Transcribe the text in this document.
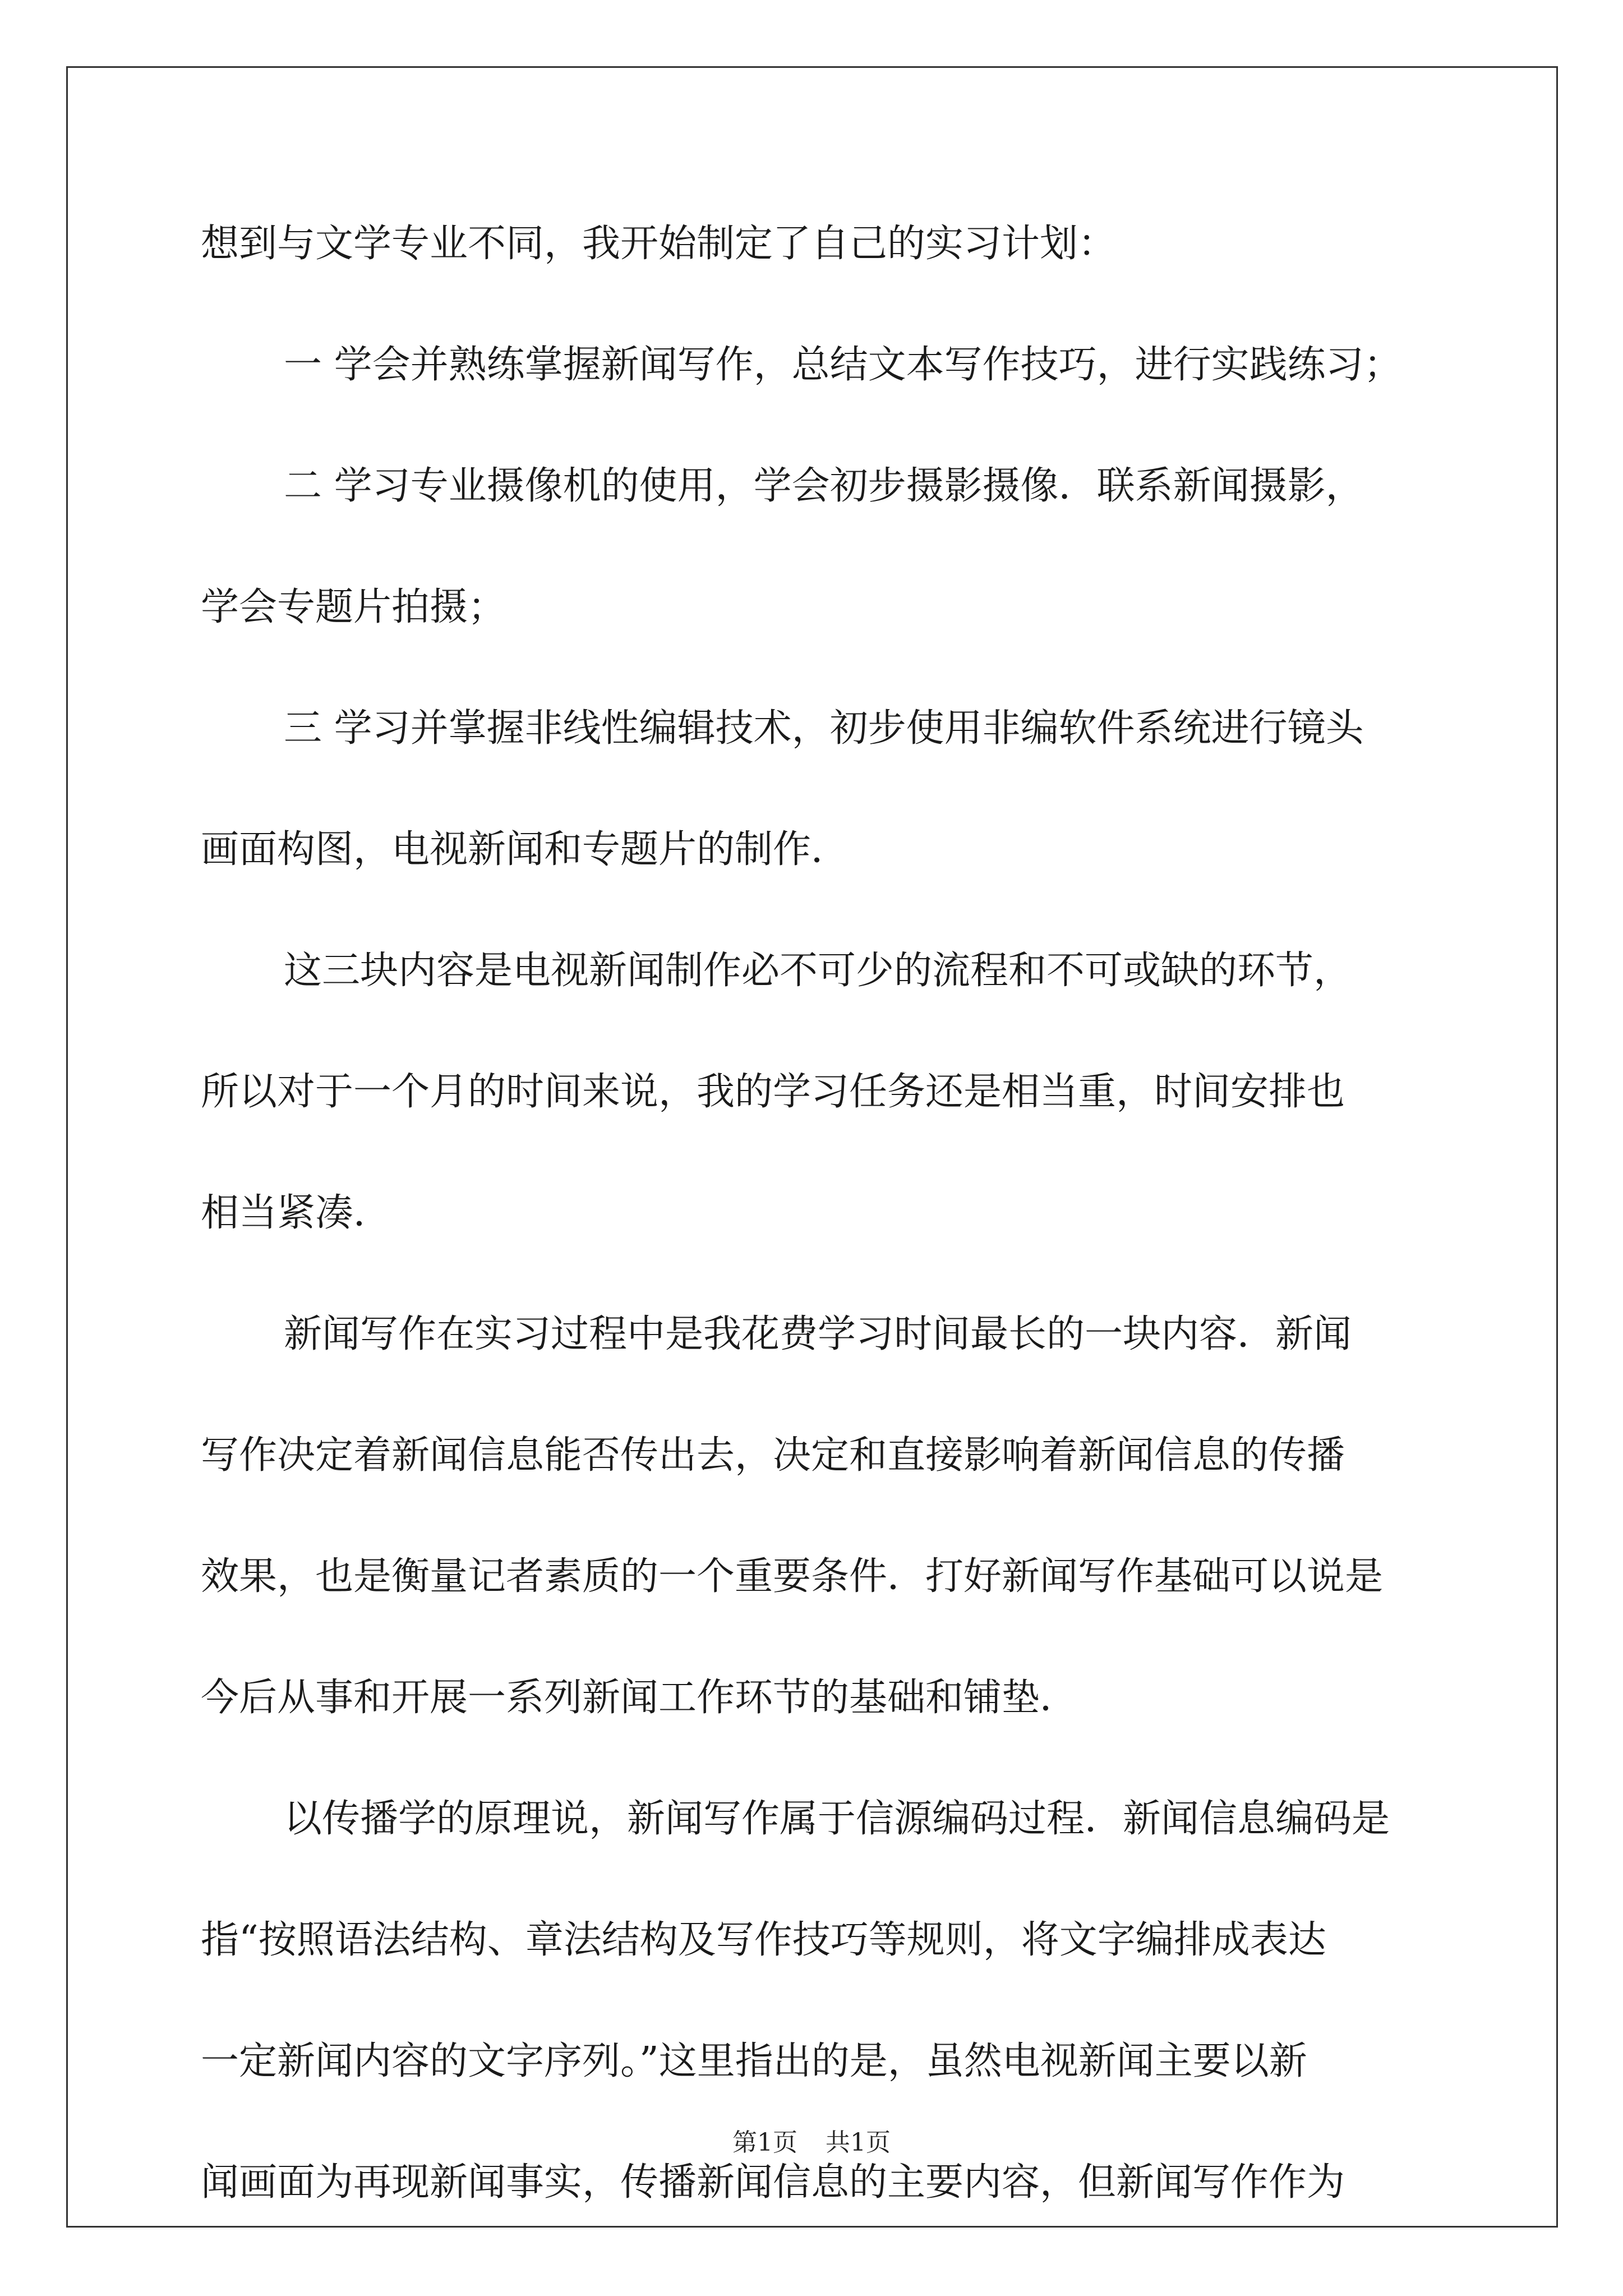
想到与文学专业不同，我开始制定了自己的实习计划：
一 学会并熟练掌握新闻写作，总结文本写作技巧，进行实践练习；
二 学习专业摄像机的使用，学会初步摄影摄像．联系新闻摄影，
学会专题片拍摄；
三 学习并掌握非线性编辑技术，初步使用非编软件系统进行镜头
画面构图，电视新闻和专题片的制作．
这三块内容是电视新闻制作必不可少的流程和不可或缺的环节，
所以对于一个月的时间来说，我的学习任务还是相当重，时间安排也
相当紧凑．
新闻写作在实习过程中是我花费学习时间最长的一块内容．新闻
写作决定着新闻信息能否传出去，决定和直接影响着新闻信息的传播
效果，也是衡量记者素质的一个重要条件．打好新闻写作基础可以说是
今后从事和开展一系列新闻工作环节的基础和铺垫．
以传播学的原理说，新闻写作属于信源编码过程．新闻信息编码是
指“按照语法结构、章法结构及写作技巧等规则，将文字编排成表达
一定新闻内容的文字序列。”这里指出的是，虽然电视新闻主要以新
闻画面为再现新闻事实，传播新闻信息的主要内容，但新闻写作作为
第1页 共1页
